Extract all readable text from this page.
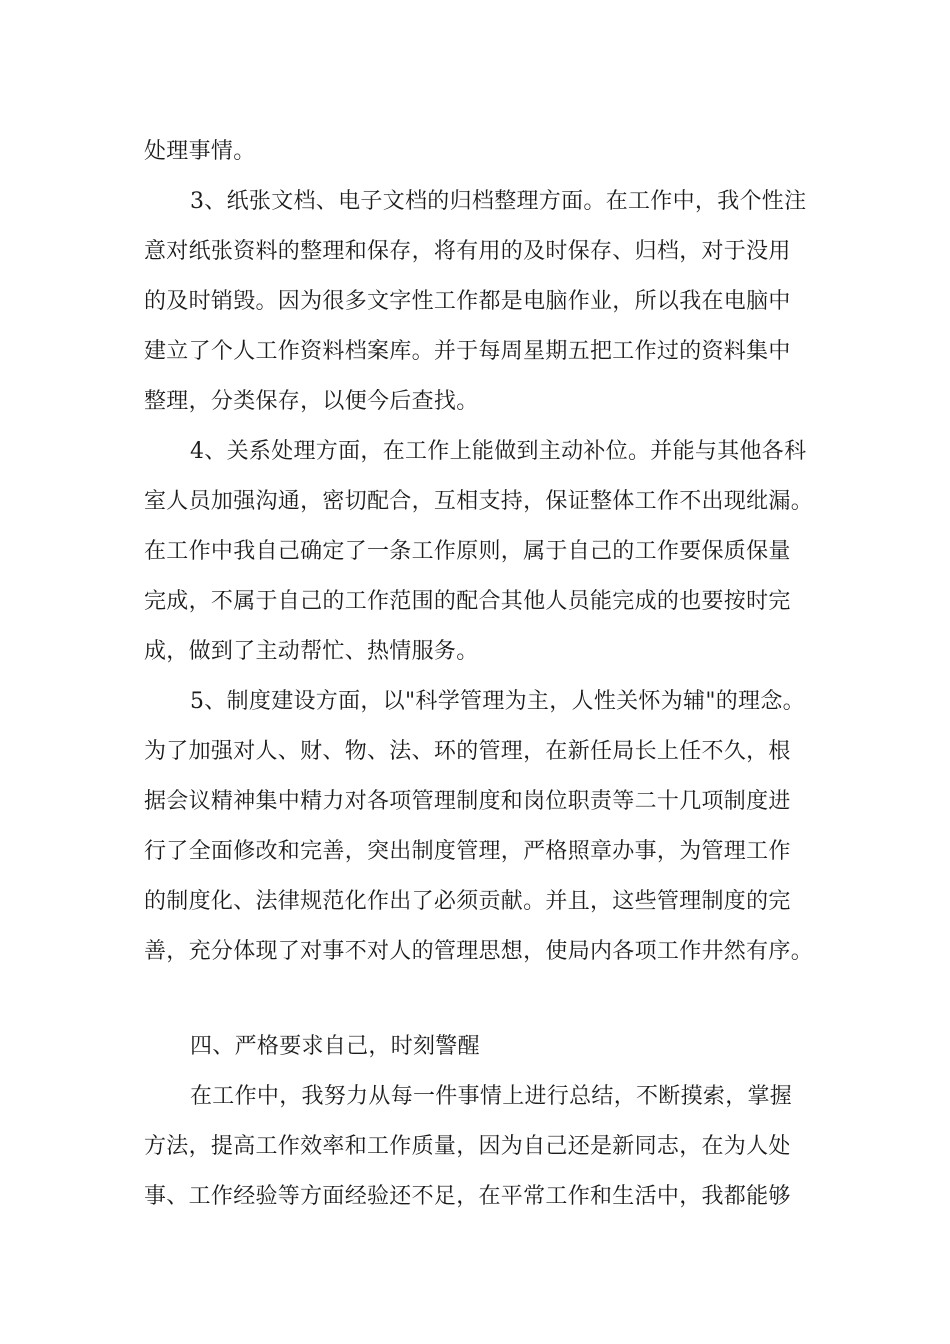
处理事情。

3、纸张文档、电子文档的归档整理方面。在工作中，我个性注

意对纸张资料的整理和保存，将有用的及时保存、归档，对于没用

的及时销毁。因为很多文字性工作都是电脑作业，所以我在电脑中

建立了个人工作资料档案库。并于每周星期五把工作过的资料集中

整理，分类保存，以便今后查找。

4、关系处理方面，在工作上能做到主动补位。并能与其他各科

室人员加强沟通，密切配合，互相支持，保证整体工作不出现纰漏。

在工作中我自己确定了一条工作原则，属于自己的工作要保质保量

完成，不属于自己的工作范围的配合其他人员能完成的也要按时完

成，做到了主动帮忙、热情服务。

5、制度建设方面，以"科学管理为主，人性关怀为辅"的理念。

为了加强对人、财、物、法、环的管理，在新任局长上任不久，根

据会议精神集中精力对各项管理制度和岗位职责等二十几项制度进

行了全面修改和完善，突出制度管理，严格照章办事，为管理工作

的制度化、法律规范化作出了必须贡献。并且，这些管理制度的完

善，充分体现了对事不对人的管理思想，使局内各项工作井然有序。

四、严格要求自己，时刻警醒

在工作中，我努力从每一件事情上进行总结，不断摸索，掌握

方法，提高工作效率和工作质量，因为自己还是新同志，在为人处

事、工作经验等方面经验还不足，在平常工作和生活中，我都能够
